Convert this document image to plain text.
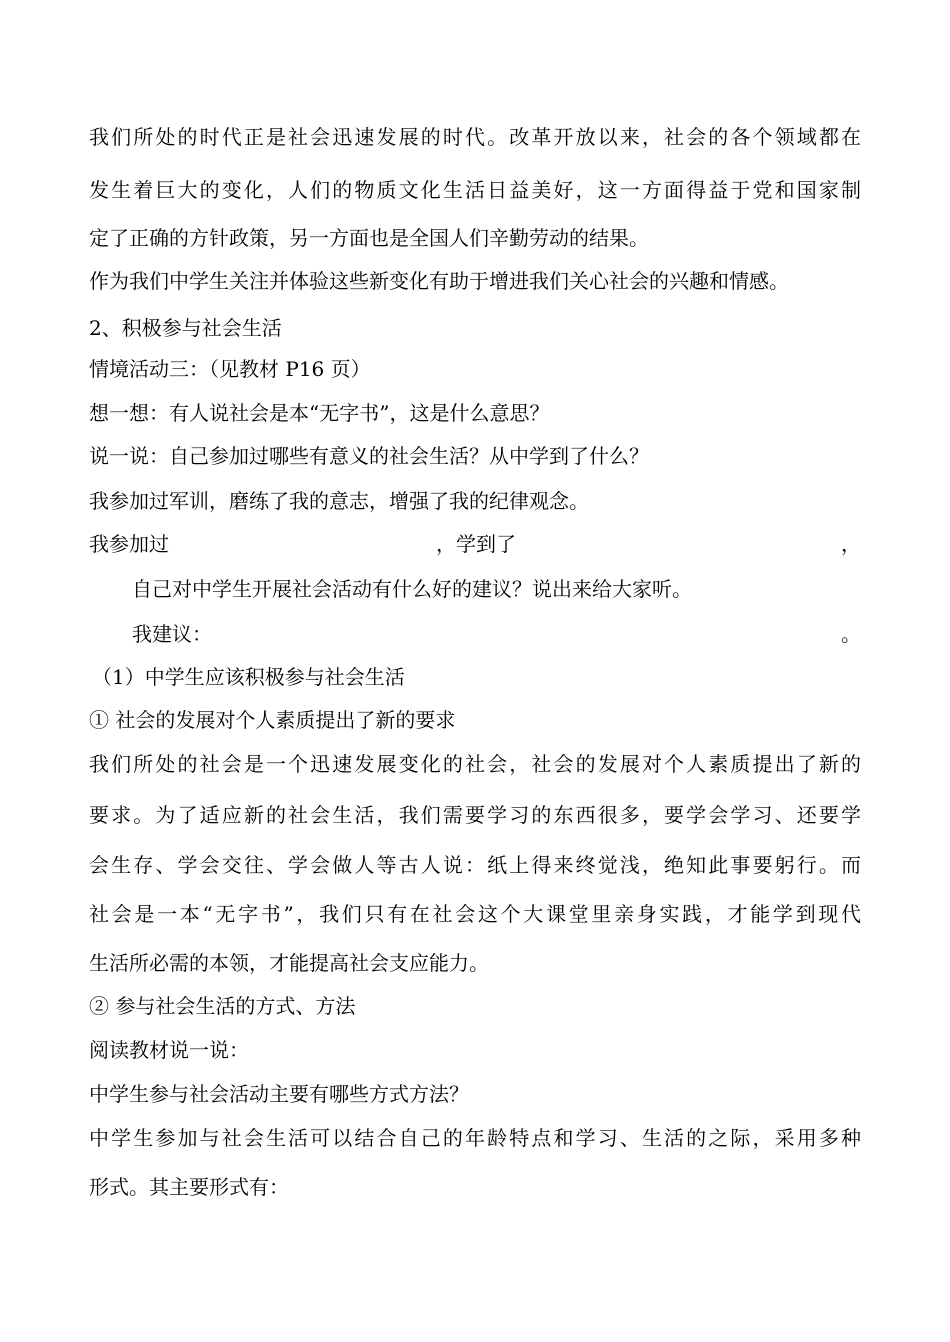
我们所处的时代正是社会迅速发展的时代。改革开放以来，社会的各个领域都在
发生着巨大的变化，人们的物质文化生活日益美好，这一方面得益于党和国家制
定了正确的方针政策，另一方面也是全国人们辛勤劳动的结果。
作为我们中学生关注并体验这些新变化有助于增进我们关心社会的兴趣和情感。
2、积极参与社会生活
情境活动三：（见教材 P16 页）
想一想：有人说社会是本“无字书”，这是什么意思？
说一说：自己参加过哪些有意义的社会生活？从中学到了什么？
我参加过军训，磨练了我的意志，增强了我的纪律观念。
我参加过	，学到了	，
自己对中学生开展社会活动有什么好的建议？说出来给大家听。
我建议：	。
（1）中学生应该积极参与社会生活
① 社会的发展对个人素质提出了新的要求
我们所处的社会是一个迅速发展变化的社会，社会的发展对个人素质提出了新的
要求。为了适应新的社会生活，我们需要学习的东西很多，要学会学习、还要学
会生存、学会交往、学会做人等古人说：纸上得来终觉浅，绝知此事要躬行。而
社会是一本“无字书”，我们只有在社会这个大课堂里亲身实践，才能学到现代
生活所必需的本领，才能提高社会支应能力。
② 参与社会生活的方式、方法
阅读教材说一说：
中学生参与社会活动主要有哪些方式方法？
中学生参加与社会生活可以结合自己的年龄特点和学习、生活的之际，采用多种
形式。其主要形式有：
